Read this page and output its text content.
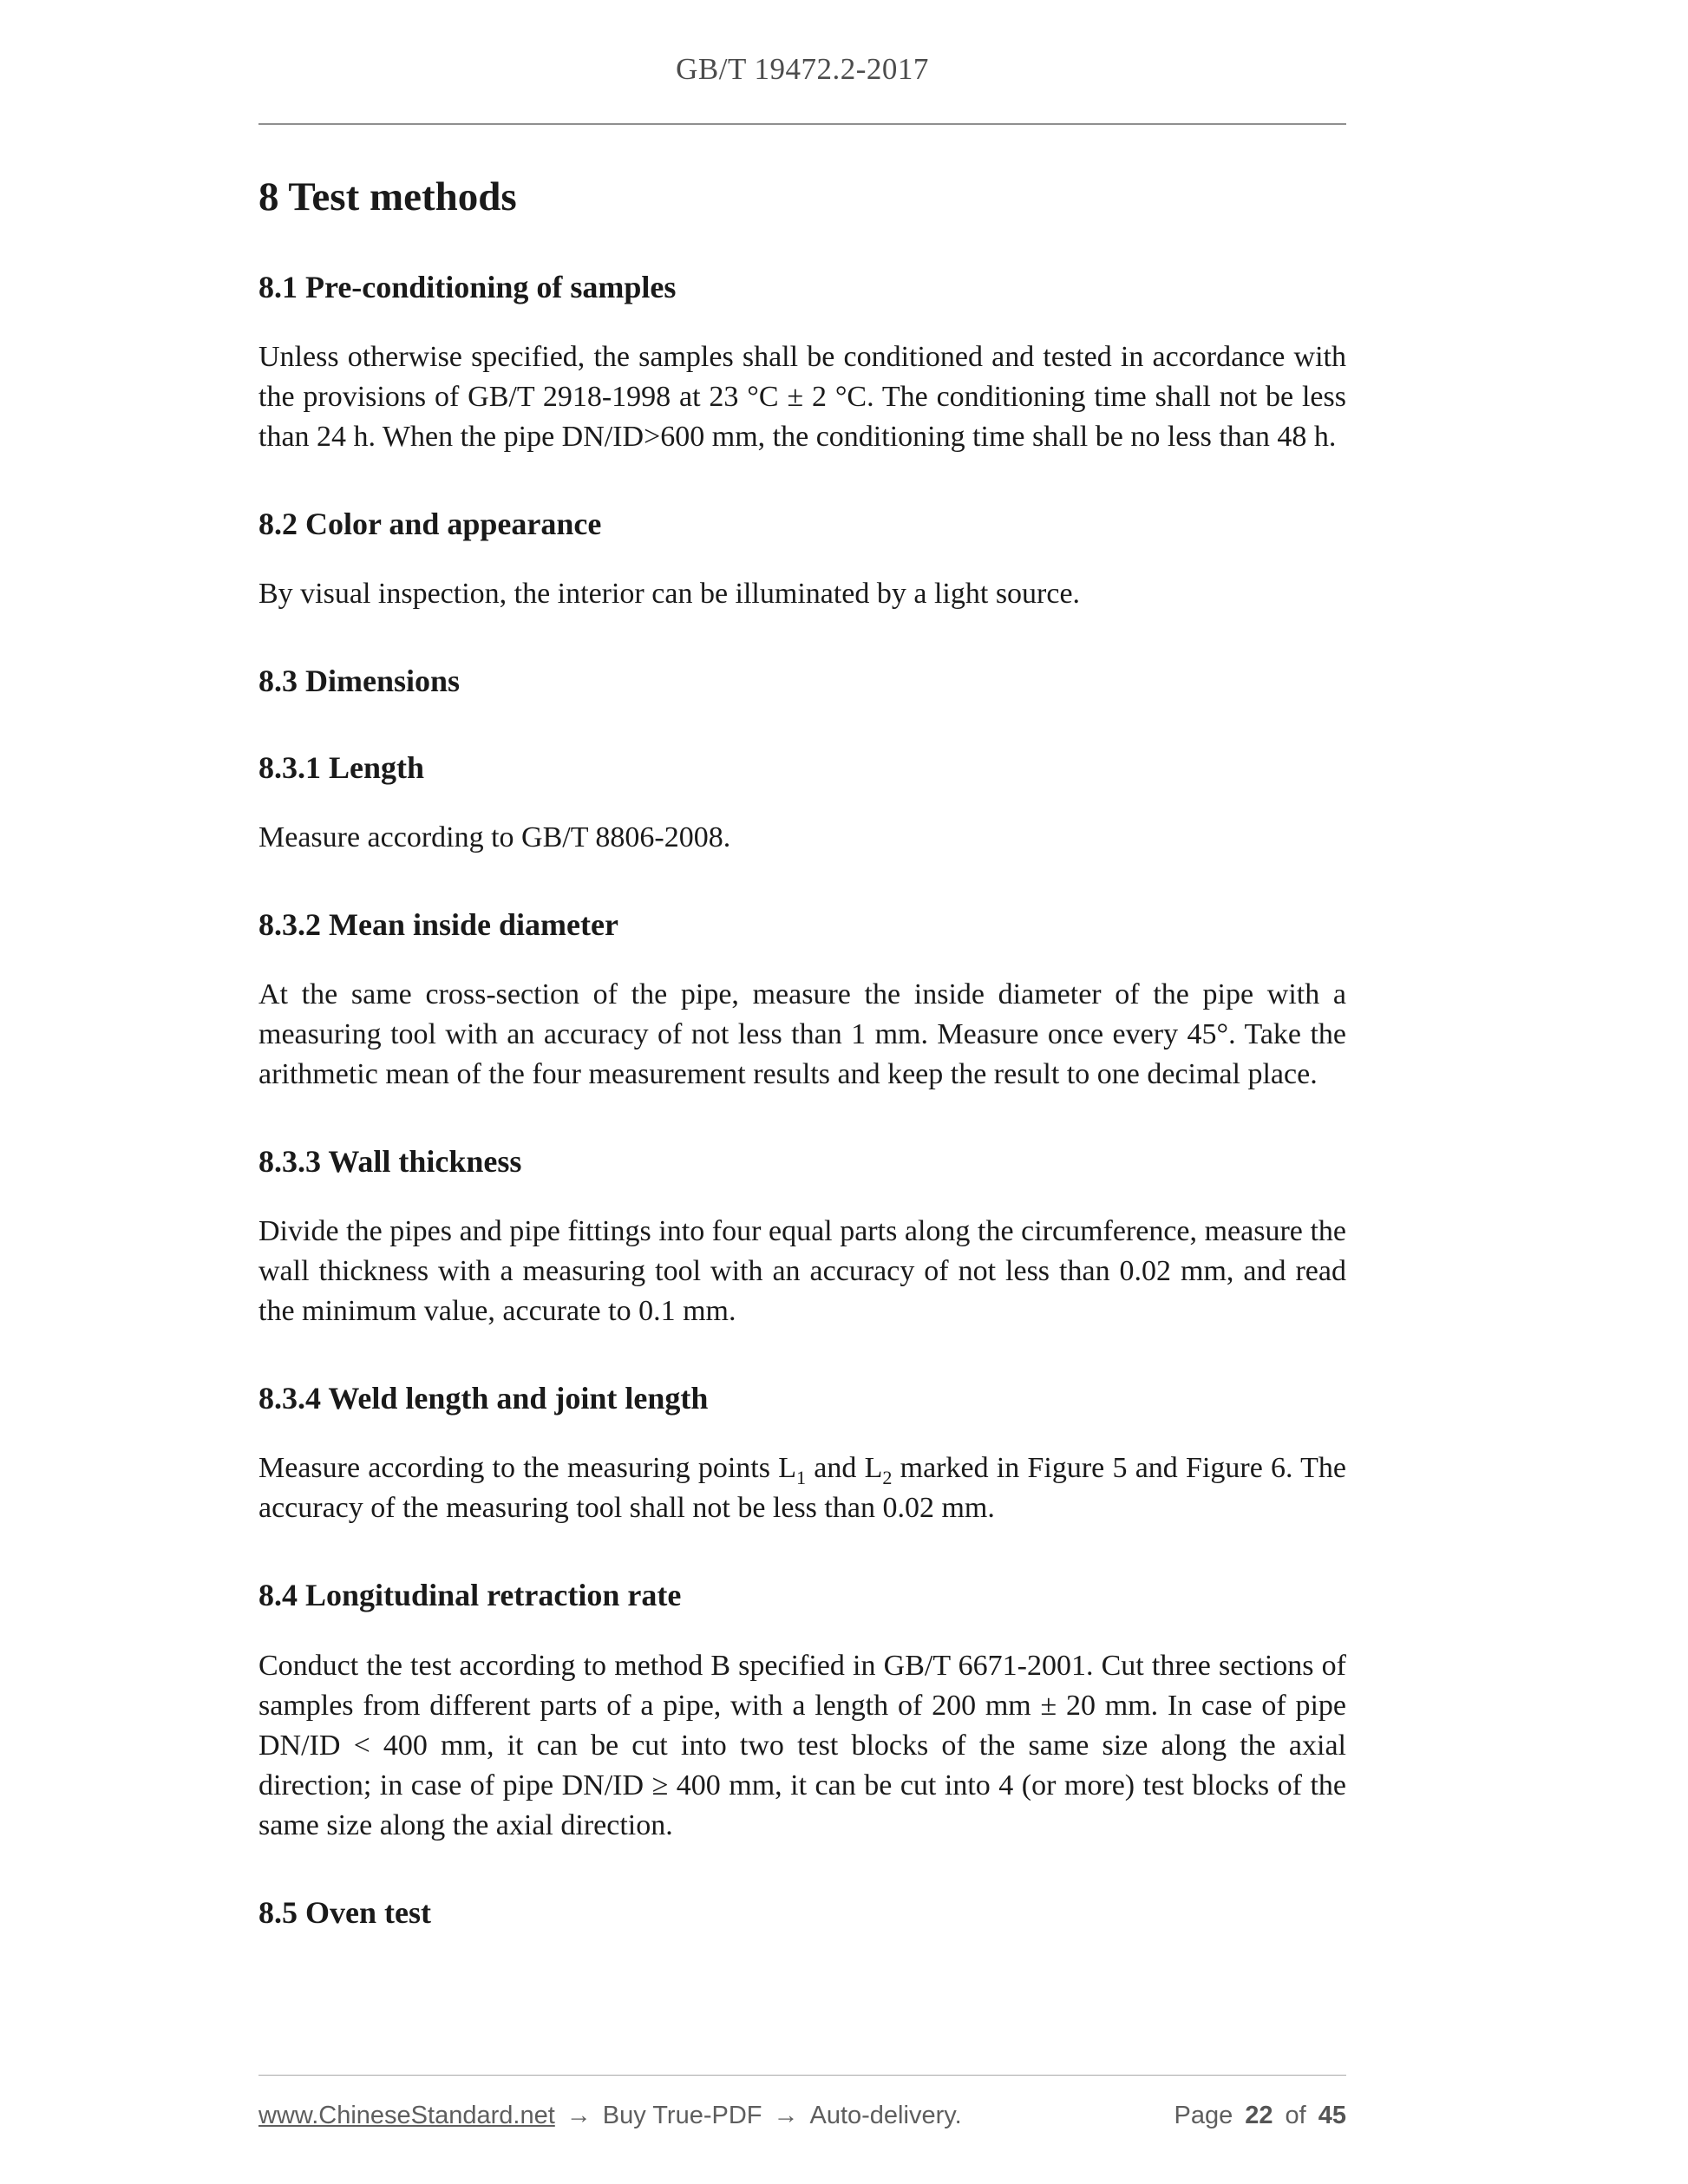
GB/T 19472.2-2017
8 Test methods
8.1 Pre-conditioning of samples

Unless otherwise specified, the samples shall be conditioned and tested in accordance with the provisions of GB/T 2918-1998 at 23 °C ± 2 °C. The conditioning time shall not be less than 24 h. When the pipe DN/ID>600 mm, the conditioning time shall be no less than 48 h.

8.2 Color and appearance

By visual inspection, the interior can be illuminated by a light source.

8.3 Dimensions
8.3.1 Length

Measure according to GB/T 8806-2008.

8.3.2 Mean inside diameter

At the same cross-section of the pipe, measure the inside diameter of the pipe with a measuring tool with an accuracy of not less than 1 mm. Measure once every 45°. Take the arithmetic mean of the four measurement results and keep the result to one decimal place.

8.3.3 Wall thickness

Divide the pipes and pipe fittings into four equal parts along the circumference, measure the wall thickness with a measuring tool with an accuracy of not less than 0.02 mm, and read the minimum value, accurate to 0.1 mm.

8.3.4 Weld length and joint length

Measure according to the measuring points $L_1$ and $L_2$ marked in Figure 5 and Figure 6. The accuracy of the measuring tool shall not be less than 0.02 mm.

8.4 Longitudinal retraction rate

Conduct the test according to method B specified in GB/T 6671-2001. Cut three sections of samples from different parts of a pipe, with a length of 200 mm ± 20 mm. In case of pipe DN/ID < 400 mm, it can be cut into two test blocks of the same size along the axial direction; in case of pipe DN/ID ≥ 400 mm, it can be cut into 4 (or more) test blocks of the same size along the axial direction.

8.5 Oven test
www.ChineseStandard.net → Buy True-PDF → Auto-delivery.	Page 22 of 45
